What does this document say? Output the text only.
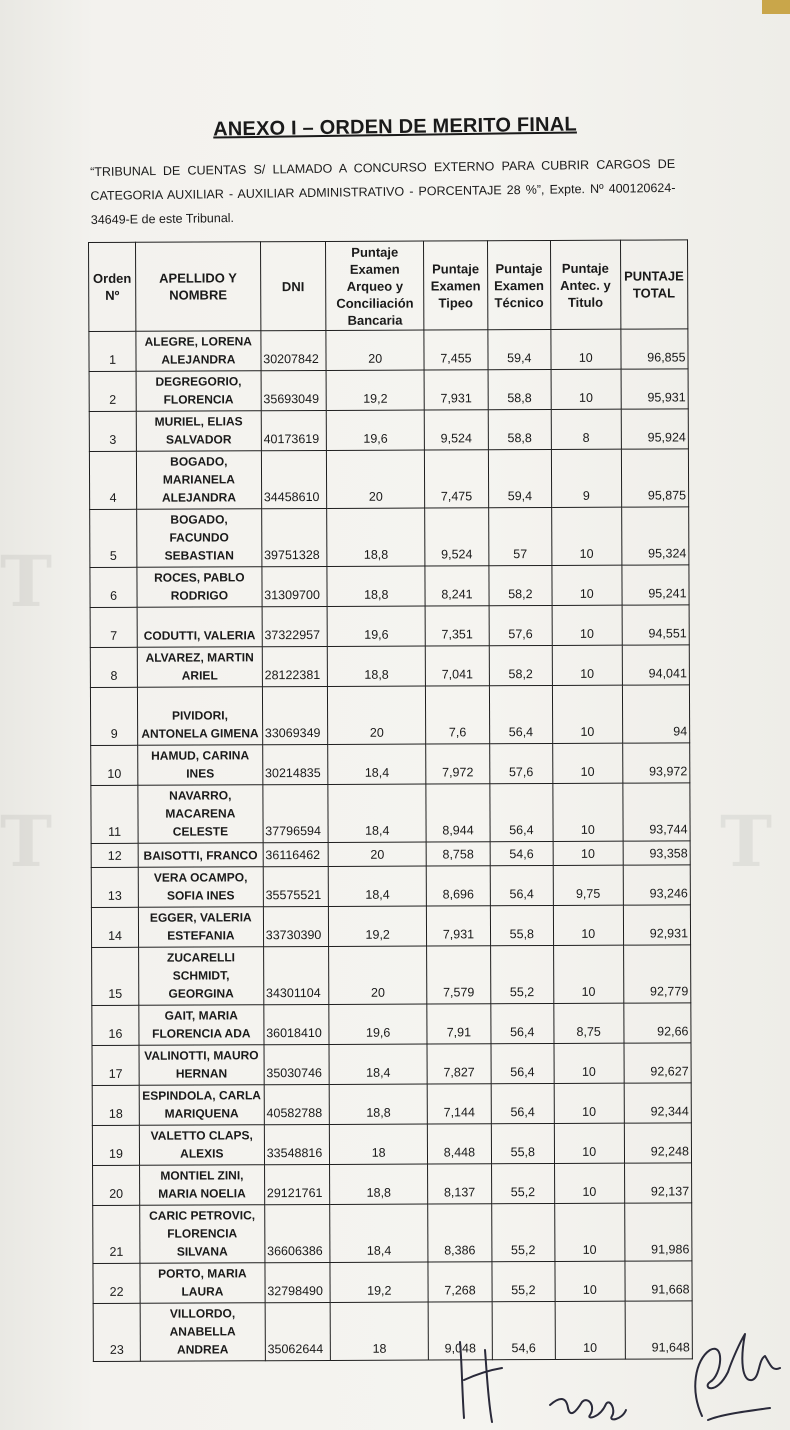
T
T	T
ANEXO I – ORDEN DE MERITO FINAL
“TRIBUNAL DE CUENTAS S/ LLAMADO A CONCURSO EXTERNO PARA CUBRIR CARGOS DE CATEGORIA AUXILIAR - AUXILIAR ADMINISTRATIVO - PORCENTAJE 28 %”, Expte. Nº 400120624-34649-E de este Tribunal.
Orden Nº	APELLIDO Y NOMBRE	DNI	Puntaje Examen Arqueo y Conciliación Bancaria	Puntaje Examen Tipeo	Puntaje Examen Técnico	Puntaje Antec. y Titulo	PUNTAJE TOTAL
1	ALEGRE, LORENA ALEJANDRA	30207842	20	7,455	59,4	10	96,855
2	DEGREGORIO, FLORENCIA	35693049	19,2	7,931	58,8	10	95,931
3	MURIEL, ELIAS SALVADOR	40173619	19,6	9,524	58,8	8	95,924
4	BOGADO, MARIANELA ALEJANDRA	34458610	20	7,475	59,4	9	95,875
5	BOGADO, FACUNDO SEBASTIAN	39751328	18,8	9,524	57	10	95,324
6	ROCES, PABLO RODRIGO	31309700	18,8	8,241	58,2	10	95,241
7	CODUTTI, VALERIA	37322957	19,6	7,351	57,6	10	94,551
8	ALVAREZ, MARTIN ARIEL	28122381	18,8	7,041	58,2	10	94,041
9	PIVIDORI, ANTONELA GIMENA	33069349	20	7,6	56,4	10	94
10	HAMUD, CARINA INES	30214835	18,4	7,972	57,6	10	93,972
11	NAVARRO, MACARENA CELESTE	37796594	18,4	8,944	56,4	10	93,744
12	BAISOTTI, FRANCO	36116462	20	8,758	54,6	10	93,358
13	VERA OCAMPO, SOFIA INES	35575521	18,4	8,696	56,4	9,75	93,246
14	EGGER, VALERIA ESTEFANIA	33730390	19,2	7,931	55,8	10	92,931
15	ZUCARELLI SCHMIDT, GEORGINA	34301104	20	7,579	55,2	10	92,779
16	GAIT, MARIA FLORENCIA ADA	36018410	19,6	7,91	56,4	8,75	92,66
17	VALINOTTI, MAURO HERNAN	35030746	18,4	7,827	56,4	10	92,627
18	ESPINDOLA, CARLA MARIQUENA	40582788	18,8	7,144	56,4	10	92,344
19	VALETTO CLAPS, ALEXIS	33548816	18	8,448	55,8	10	92,248
20	MONTIEL ZINI, MARIA NOELIA	29121761	18,8	8,137	55,2	10	92,137
21	CARIC PETROVIC, FLORENCIA SILVANA	36606386	18,4	8,386	55,2	10	91,986
22	PORTO, MARIA LAURA	32798490	19,2	7,268	55,2	10	91,668
23	VILLORDO, ANABELLA ANDREA	35062644	18	9,048	54,6	10	91,648
